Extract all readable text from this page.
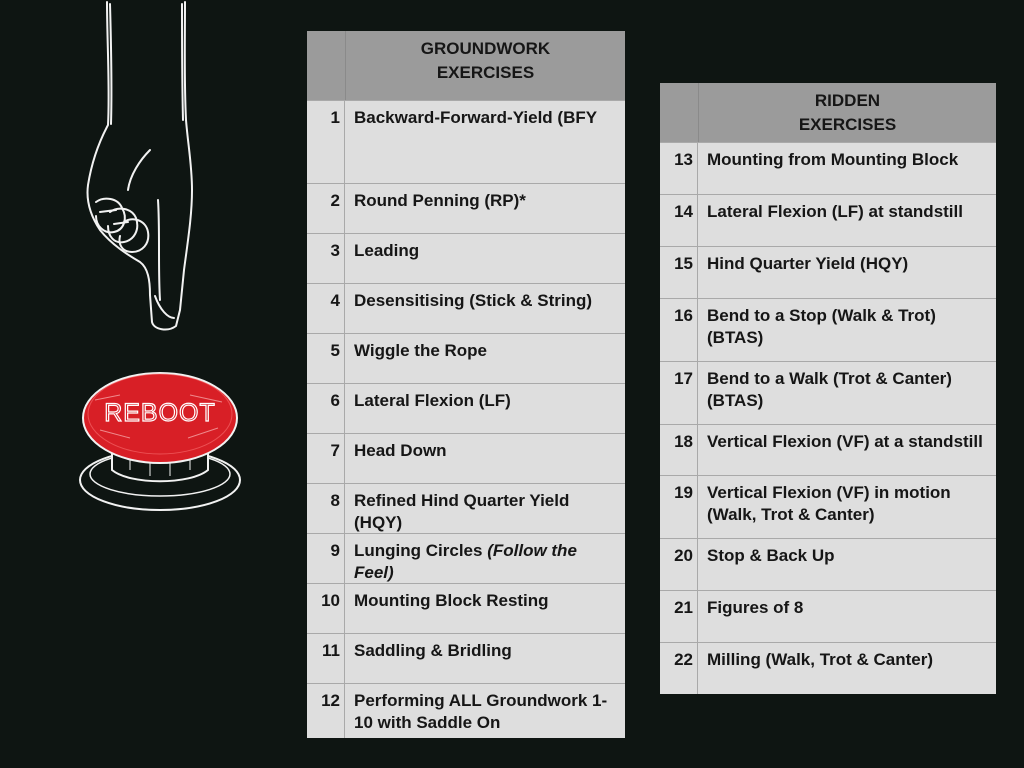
REBOOT
GROUNDWORK
EXERCISES
1 Backward-Forward-Yield (BFY
2 Round Penning (RP)*
3 Leading
4 Desensitising (Stick & String)
5 Wiggle the Rope
6 Lateral Flexion (LF)
7 Head Down
8 Refined Hind Quarter Yield (HQY)
9 Lunging Circles (Follow the Feel)
10 Mounting Block Resting
11 Saddling & Bridling
12 Performing ALL Groundwork 1-10 with Saddle On
RIDDEN
EXERCISES
13 Mounting from Mounting Block
14 Lateral Flexion (LF) at standstill
15 Hind Quarter Yield (HQY)
16 Bend to a Stop (Walk & Trot) (BTAS)
17 Bend to a Walk (Trot & Canter) (BTAS)
18 Vertical Flexion (VF) at a standstill
19 Vertical Flexion (VF) in motion (Walk, Trot & Canter)
20 Stop & Back Up
21 Figures of 8
22 Milling (Walk, Trot & Canter)
